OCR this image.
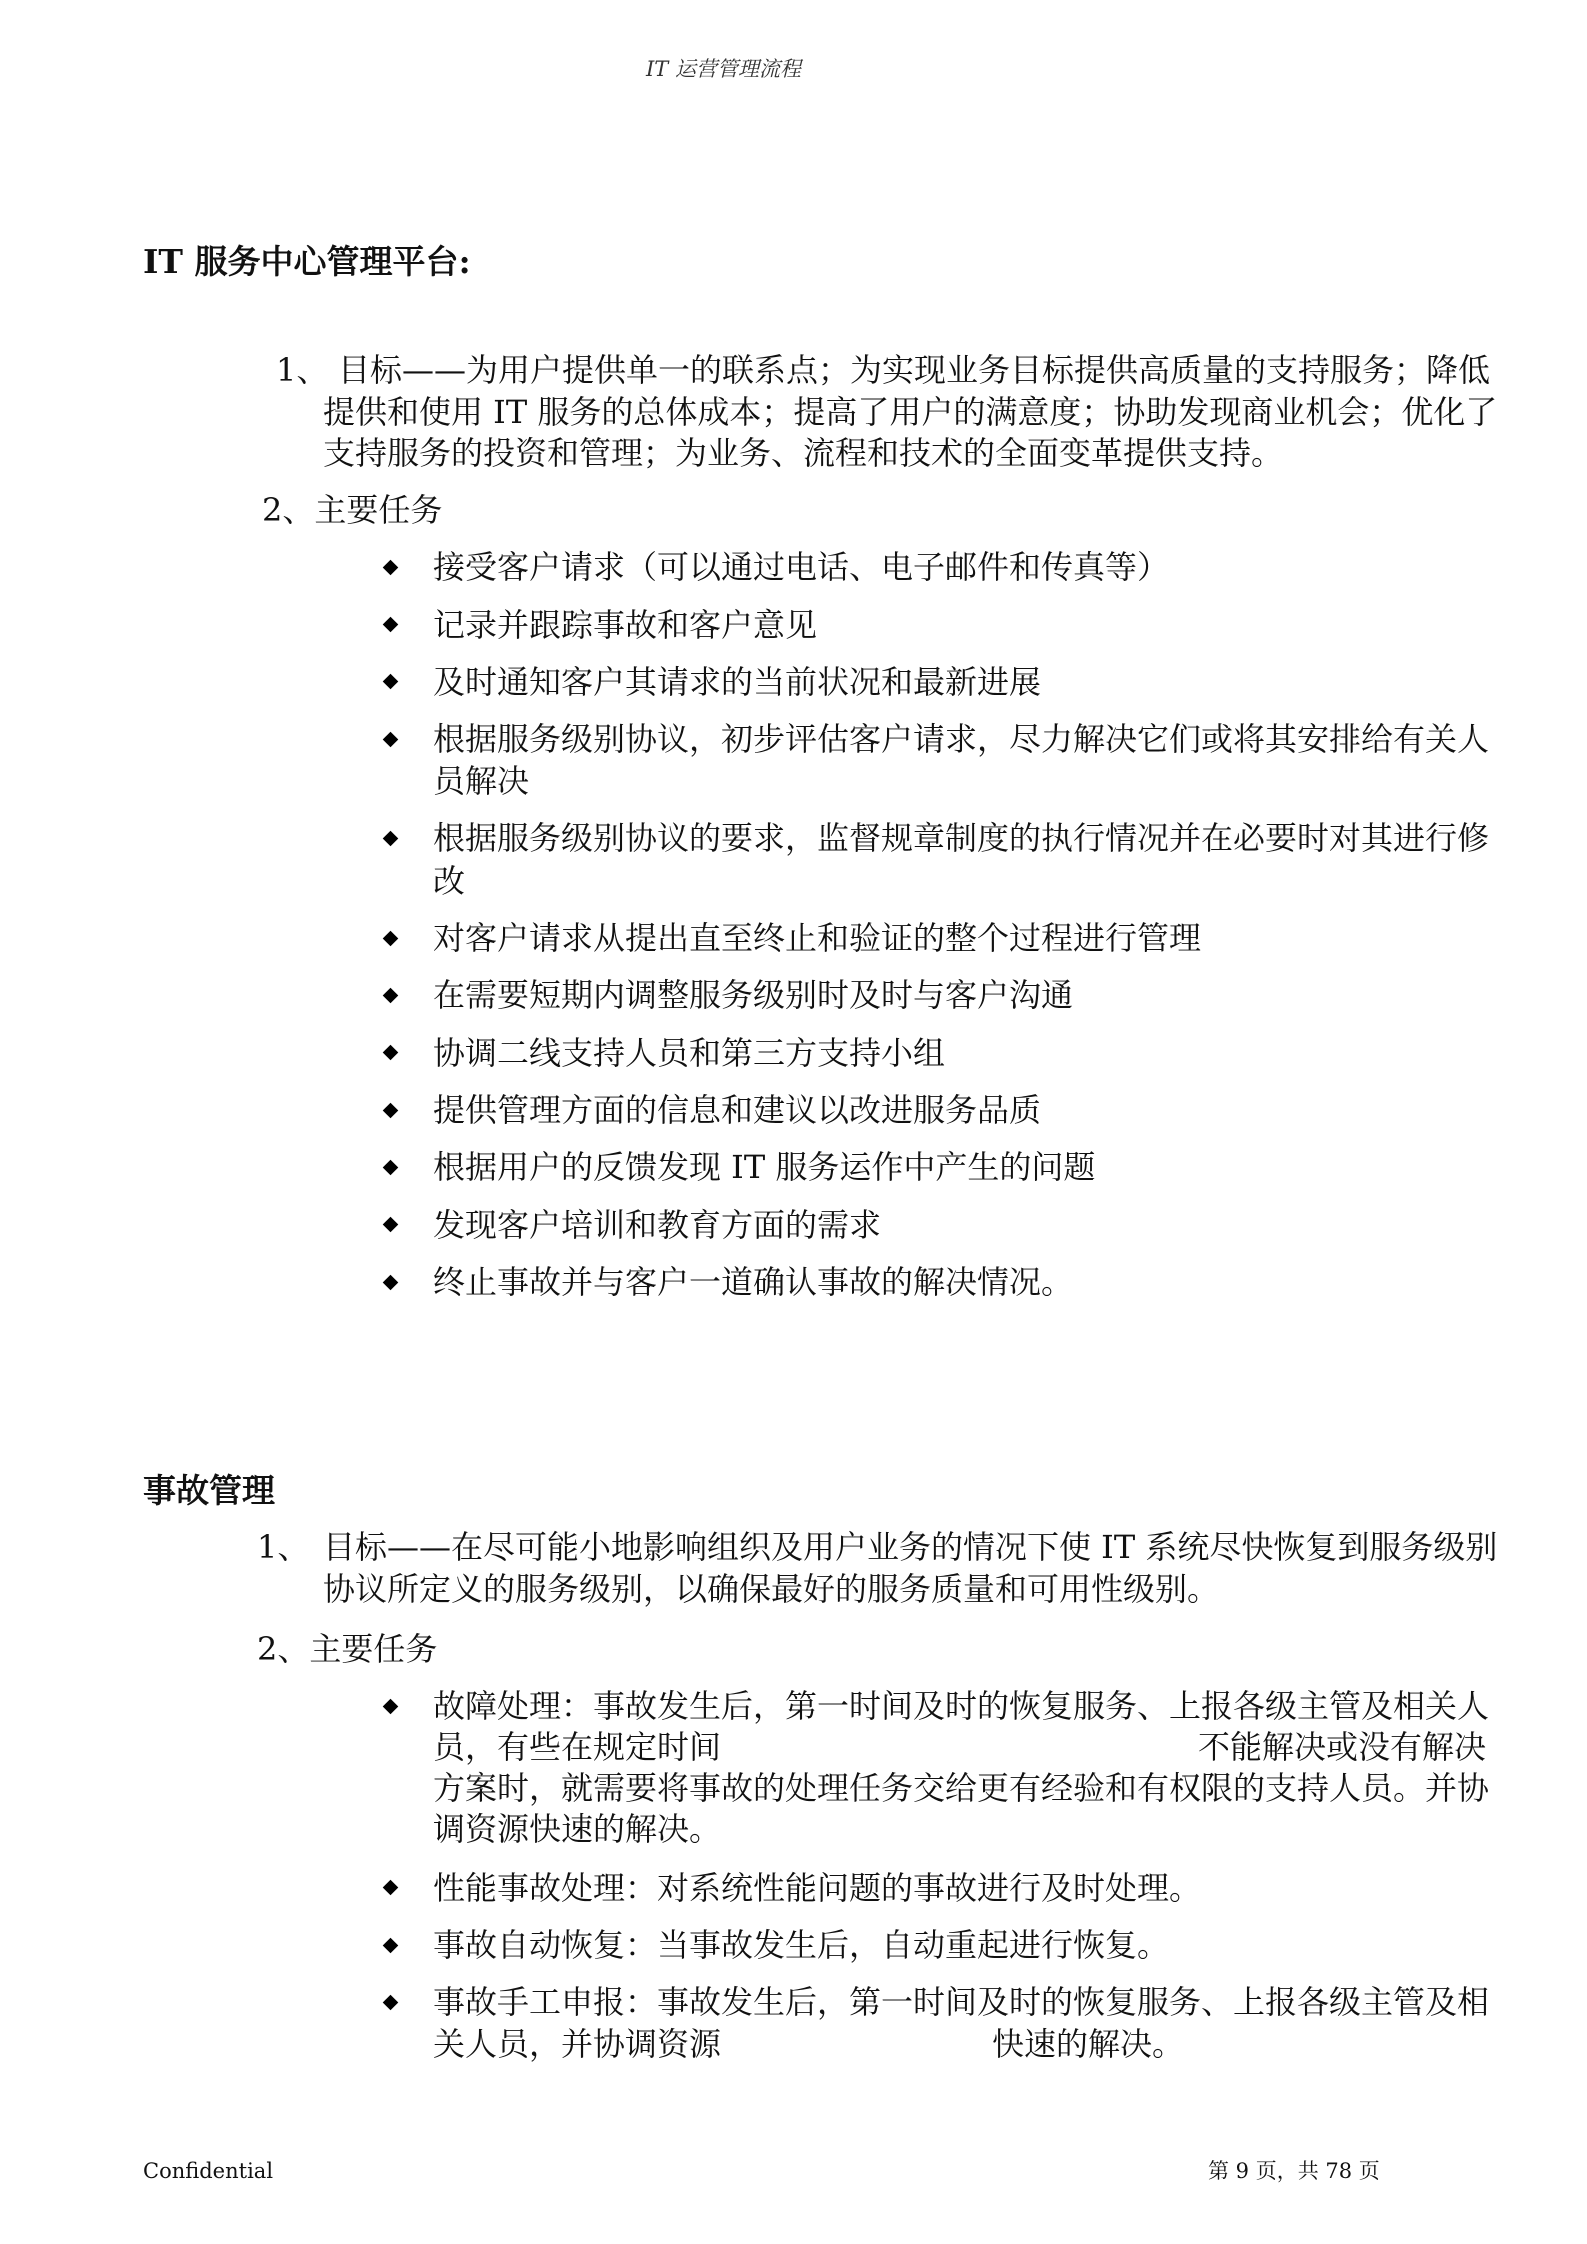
IT 运营管理流程
IT 服务中心管理平台:
1、 目标——为用户提供单一的联系点；为实现业务目标提供高质量的支持服务；降低
提供和使用 IT 服务的总体成本；提高了用户的满意度；协助发现商业机会；优化了
支持服务的投资和管理；为业务、流程和技术的全面变革提供支持。
2、主要任务
接受客户请求（可以通过电话、电子邮件和传真等）
记录并跟踪事故和客户意见
及时通知客户其请求的当前状况和最新进展
根据服务级别协议，初步评估客户请求，尽力解决它们或将其安排给有关人
员解决
根据服务级别协议的要求，监督规章制度的执行情况并在必要时对其进行修
改
对客户请求从提出直至终止和验证的整个过程进行管理
在需要短期内调整服务级别时及时与客户沟通
协调二线支持人员和第三方支持小组
提供管理方面的信息和建议以改进服务品质
根据用户的反馈发现 IT 服务运作中产生的问题
发现客户培训和教育方面的需求
终止事故并与客户一道确认事故的解决情况。
事故管理
1、 目标——在尽可能小地影响组织及用户业务的情况下使 IT 系统尽快恢复到服务级别
协议所定义的服务级别，以确保最好的服务质量和可用性级别。
2、主要任务
故障处理：事故发生后，第一时间及时的恢复服务、上报各级主管及相关人
员，有些在规定时间	不能解决或没有解决
方案时，就需要将事故的处理任务交给更有经验和有权限的支持人员。并协
调资源快速的解决。
性能事故处理：对系统性能问题的事故进行及时处理。
事故自动恢复：当事故发生后，自动重起进行恢复。
事故手工申报：事故发生后，第一时间及时的恢复服务、上报各级主管及相
关人员，并协调资源	快速的解决。
Confidential	第 9 页，共 78 页
